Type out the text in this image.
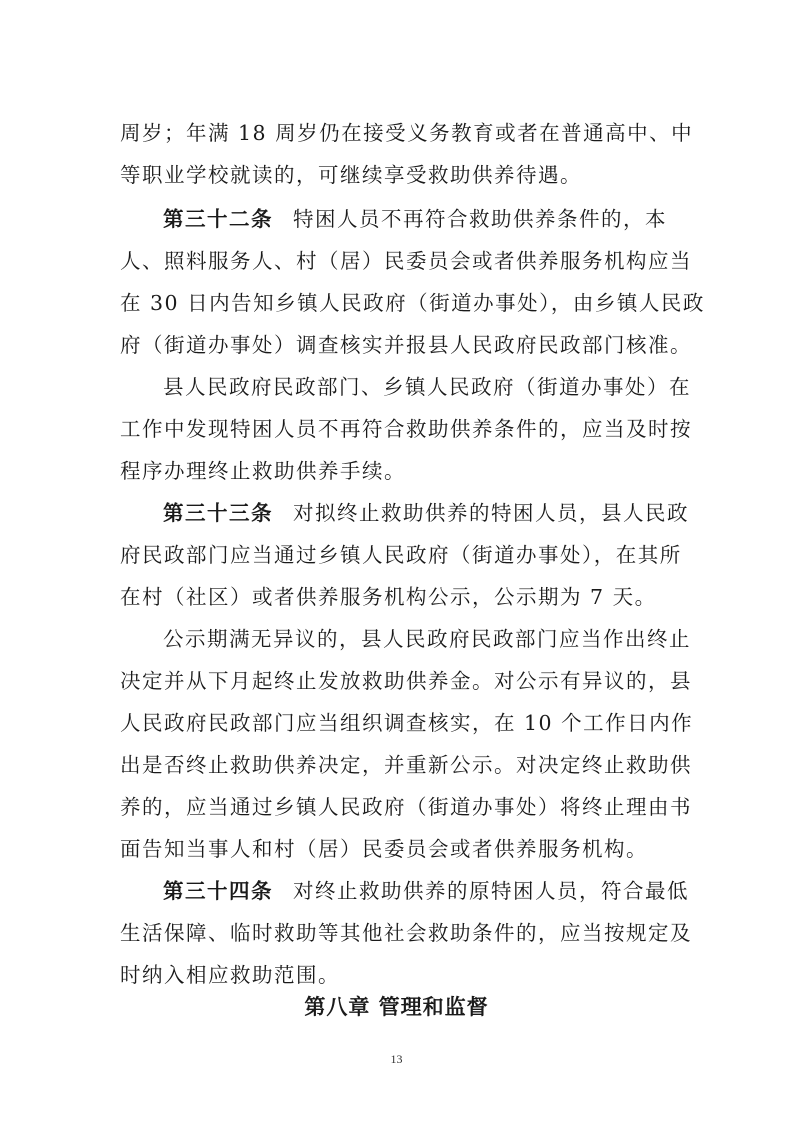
周岁；年满 18 周岁仍在接受义务教育或者在普通高中、中
等职业学校就读的，可继续享受救助供养待遇。
第三十二条 特困人员不再符合救助供养条件的，本
人、照料服务人、村（居）民委员会或者供养服务机构应当
在 30 日内告知乡镇人民政府（街道办事处），由乡镇人民政
府（街道办事处）调查核实并报县人民政府民政部门核准。
县人民政府民政部门、乡镇人民政府（街道办事处）在
工作中发现特困人员不再符合救助供养条件的，应当及时按
程序办理终止救助供养手续。
第三十三条 对拟终止救助供养的特困人员，县人民政
府民政部门应当通过乡镇人民政府（街道办事处），在其所
在村（社区）或者供养服务机构公示，公示期为 7 天。
公示期满无异议的，县人民政府民政部门应当作出终止
决定并从下月起终止发放救助供养金。对公示有异议的，县
人民政府民政部门应当组织调查核实，在 10 个工作日内作
出是否终止救助供养决定，并重新公示。对决定终止救助供
养的，应当通过乡镇人民政府（街道办事处）将终止理由书
面告知当事人和村（居）民委员会或者供养服务机构。
第三十四条 对终止救助供养的原特困人员，符合最低
生活保障、临时救助等其他社会救助条件的，应当按规定及
时纳入相应救助范围。
第八章 管理和监督
13
